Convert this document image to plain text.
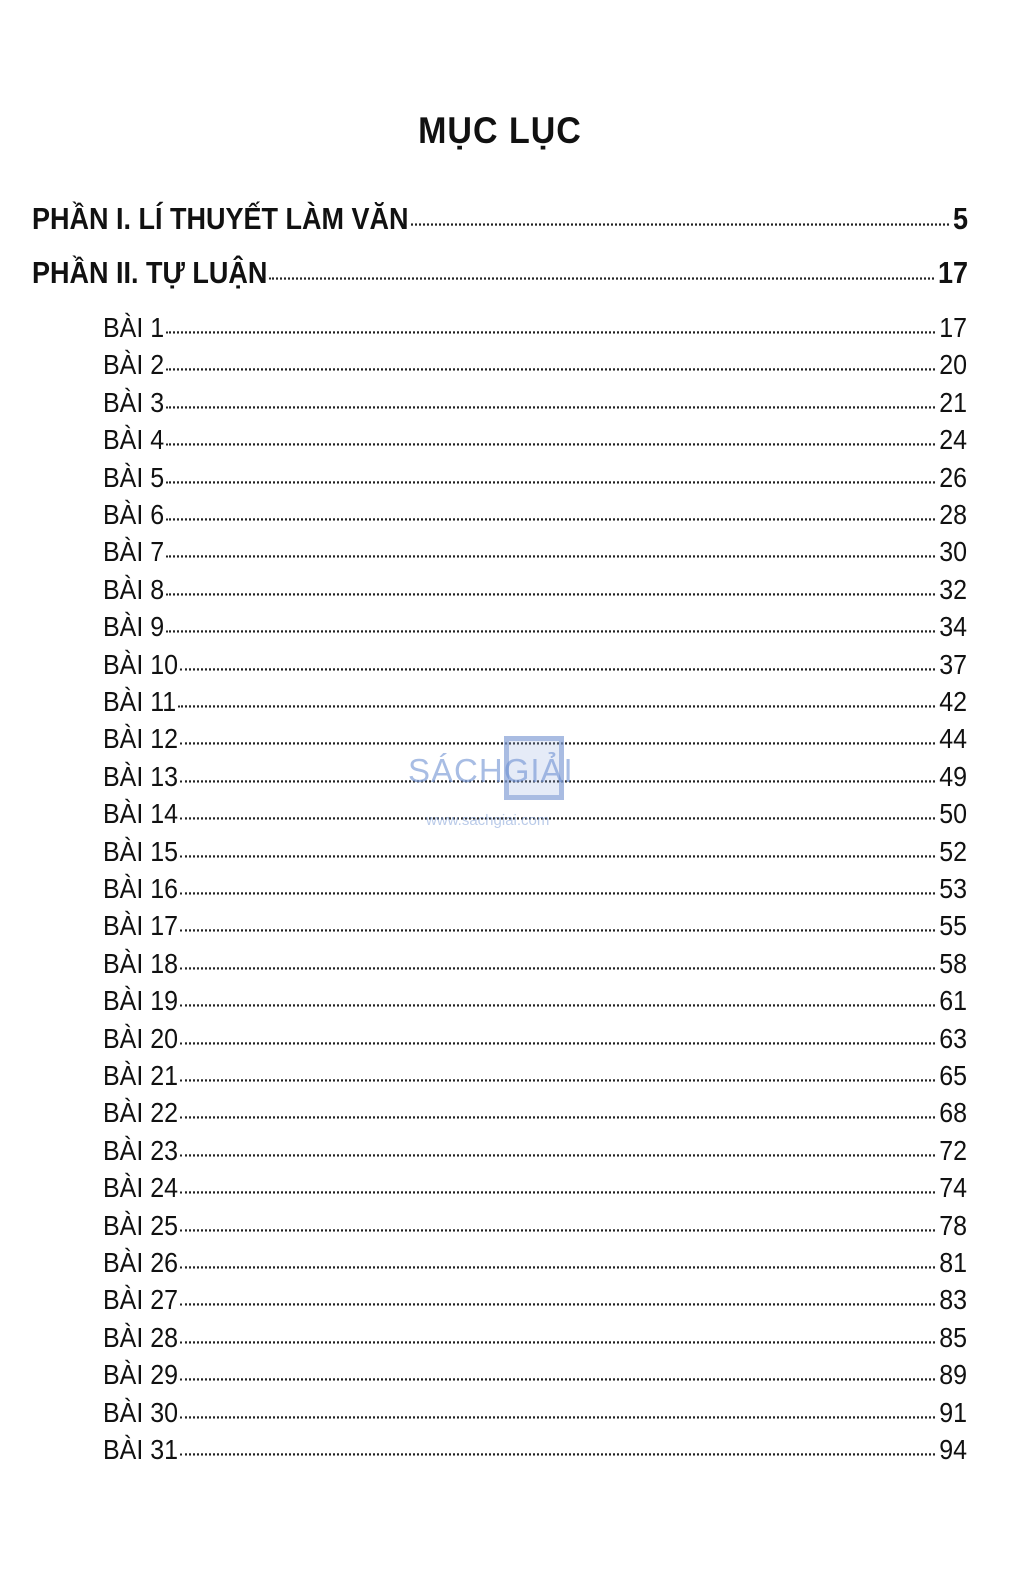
MỤC LỤC
PHẦN I. LÍ THUYẾT LÀM VĂN	5
PHẦN II. TỰ LUẬN	17
BÀI 1	17
BÀI 2	20
BÀI 3	21
BÀI 4	24
BÀI 5	26
BÀI 6	28
BÀI 7	30
BÀI 8	32
BÀI 9	34
BÀI 10	37
BÀI 11	42
BÀI 12	44
BÀI 13	49
BÀI 14	50
BÀI 15	52
BÀI 16	53
BÀI 17	55
BÀI 18	58
BÀI 19	61
BÀI 20	63
BÀI 21	65
BÀI 22	68
BÀI 23	72
BÀI 24	74
BÀI 25	78
BÀI 26	81
BÀI 27	83
BÀI 28	85
BÀI 29	89
BÀI 30	91
BÀI 31	94
SÁCHGIẢI
www.sachgiai.com
